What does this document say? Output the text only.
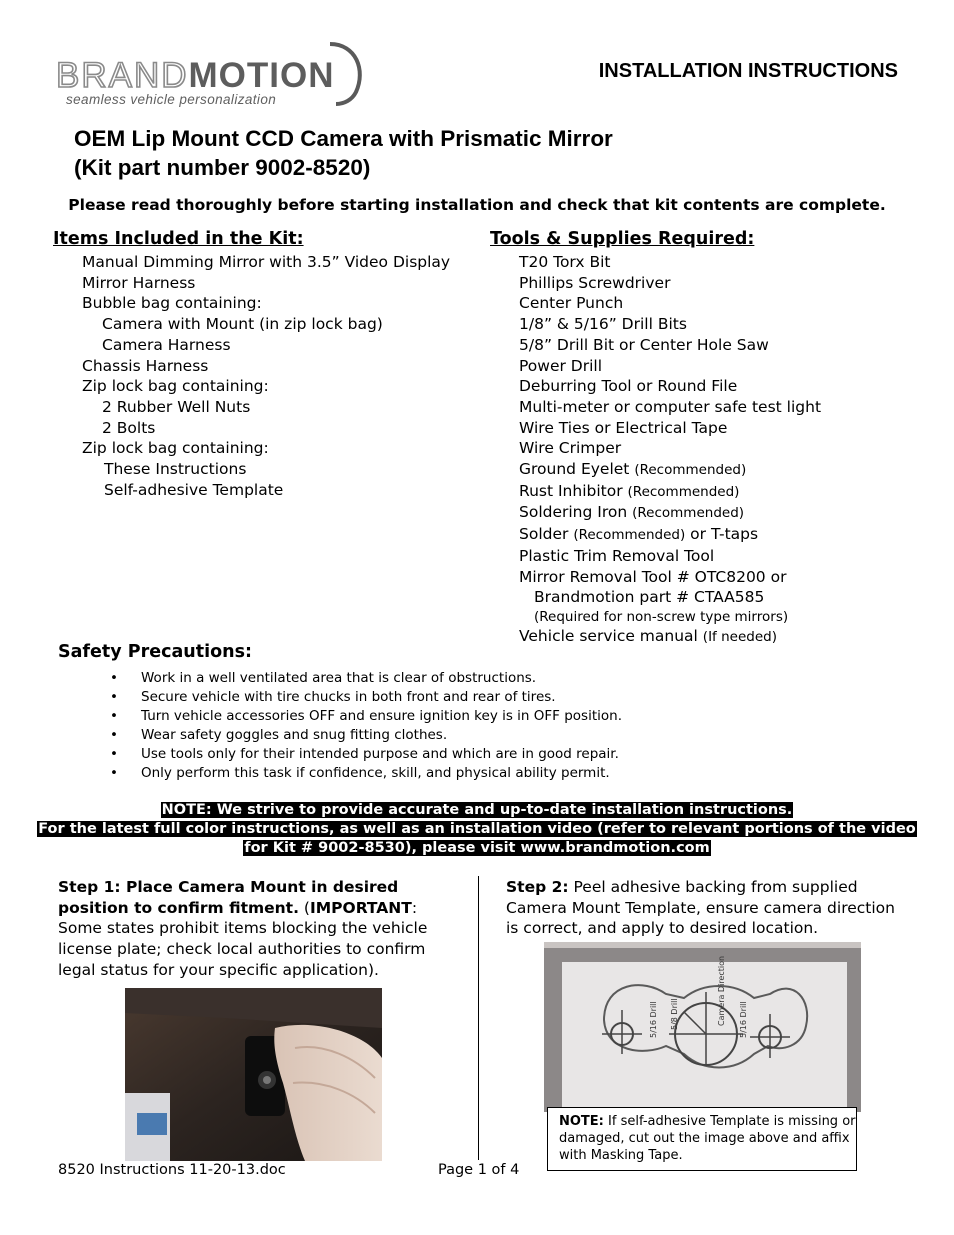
BRANDMOTION
seamless vehicle personalization
INSTALLATION INSTRUCTIONS
OEM Lip Mount CCD Camera with Prismatic Mirror
(Kit part number 9002-8520)
Please read thoroughly before starting installation and check that kit contents are complete.
Items Included in the Kit:
Manual Dimming Mirror with 3.5” Video Display
Mirror Harness
Bubble bag containing:
Camera with Mount (in zip lock bag)
Camera Harness
Chassis Harness
Zip lock bag containing:
2 Rubber Well Nuts
2 Bolts
Zip lock bag containing:
These Instructions
Self-adhesive Template
Tools & Supplies Required:
T20 Torx Bit
Phillips Screwdriver
Center Punch
1/8” & 5/16” Drill Bits
5/8” Drill Bit or Center Hole Saw
Power Drill
Deburring Tool or Round File
Multi-meter or computer safe test light
Wire Ties or Electrical Tape
Wire Crimper
Ground Eyelet (Recommended)
Rust Inhibitor (Recommended)
Soldering Iron (Recommended)
Solder (Recommended) or T-taps
Plastic Trim Removal Tool
Mirror Removal Tool # OTC8200 or
Brandmotion part # CTAA585
(Required for non-screw type mirrors)
Vehicle service manual (If needed)
Safety Precautions:
• Work in a well ventilated area that is clear of obstructions.
• Secure vehicle with tire chucks in both front and rear of tires.
• Turn vehicle accessories OFF and ensure ignition key is in OFF position.
• Wear safety goggles and snug fitting clothes.
• Use tools only for their intended purpose and which are in good repair.
• Only perform this task if confidence, skill, and physical ability permit.
NOTE: We strive to provide accurate and up-to-date installation instructions.
For the latest full color instructions, as well as an installation video (refer to relevant portions of the video
for Kit # 9002-8530), please visit www.brandmotion.com
Step 1: Place Camera Mount in desired
position to confirm fitment. (IMPORTANT:
Some states prohibit items blocking the vehicle
license plate; check local authorities to confirm
legal status for your specific application).
Step 2: Peel adhesive backing from supplied
Camera Mount Template, ensure camera direction
is correct, and apply to desired location.
5/16 Drill 5/8 Drill	Camera Direction 5/16 Drill
NOTE: If self-adhesive Template is missing or
damaged, cut out the image above and affix
with Masking Tape.
8520 Instructions 11-20-13.doc	Page 1 of 4
